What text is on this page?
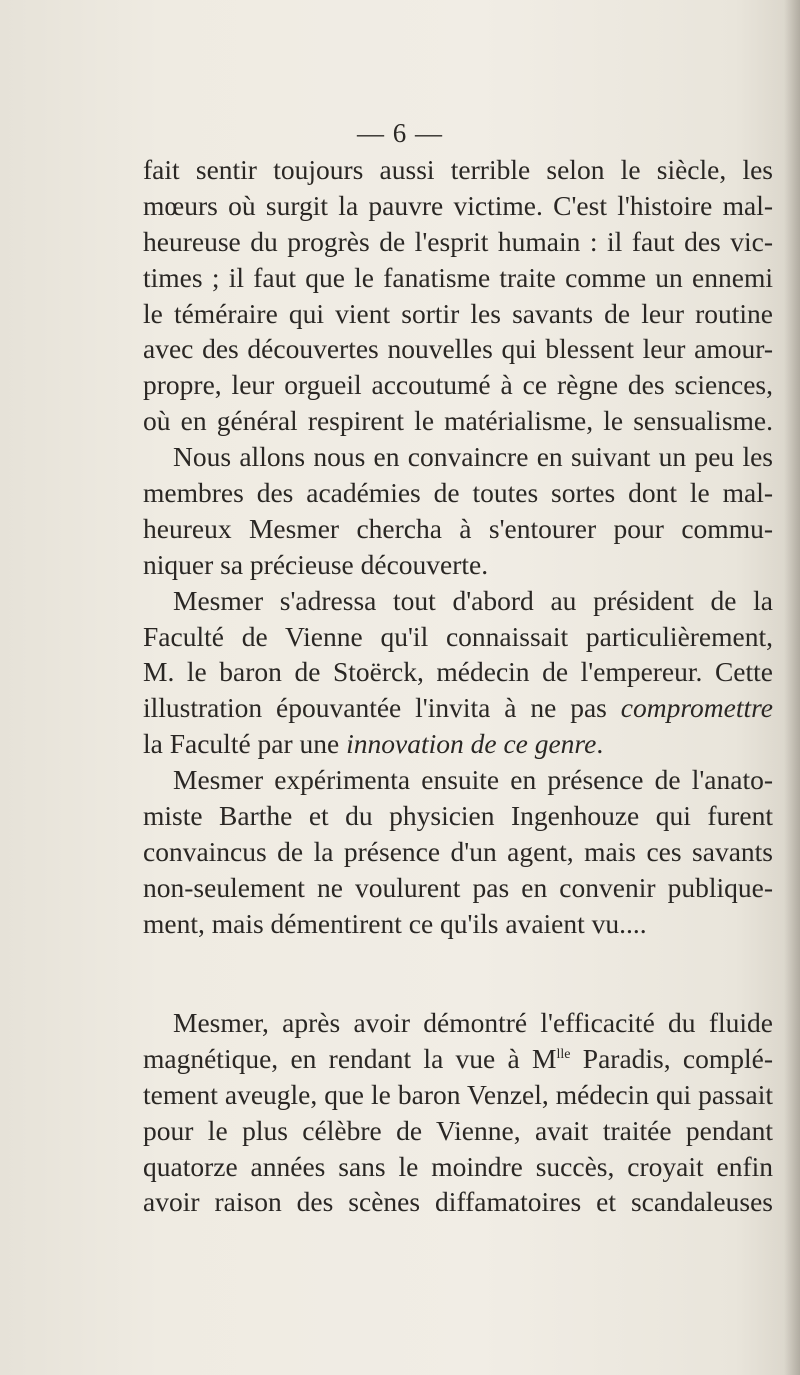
— 6 —
fait sentir toujours aussi terrible selon le siècle, les
mœurs où surgit la pauvre victime. C'est l'histoire mal-
heureuse du progrès de l'esprit humain : il faut des vic-
times ; il faut que le fanatisme traite comme un ennemi
le téméraire qui vient sortir les savants de leur routine
avec des découvertes nouvelles qui blessent leur amour-
propre, leur orgueil accoutumé à ce règne des sciences,
où en général respirent le matérialisme, le sensualisme.
Nous allons nous en convaincre en suivant un peu les
membres des académies de toutes sortes dont le mal-
heureux Mesmer chercha à s'entourer pour commu-
niquer sa précieuse découverte.
Mesmer s'adressa tout d'abord au président de la
Faculté de Vienne qu'il connaissait particulièrement,
M. le baron de Stoërck, médecin de l'empereur. Cette
illustration épouvantée l'invita à ne pas compromettre
la Faculté par une innovation de ce genre.
Mesmer expérimenta ensuite en présence de l'anato-
miste Barthe et du physicien Ingenhouze qui furent
convaincus de la présence d'un agent, mais ces savants
non-seulement ne voulurent pas en convenir publique-
ment, mais démentirent ce qu'ils avaient vu....
Mesmer, après avoir démontré l'efficacité du fluide
magnétique, en rendant la vue à $M^{lle}$ Paradis, complé-
tement aveugle, que le baron Venzel, médecin qui passait
pour le plus célèbre de Vienne, avait traitée pendant
quatorze années sans le moindre succès, croyait enfin
avoir raison des scènes diffamatoires et scandaleuses
